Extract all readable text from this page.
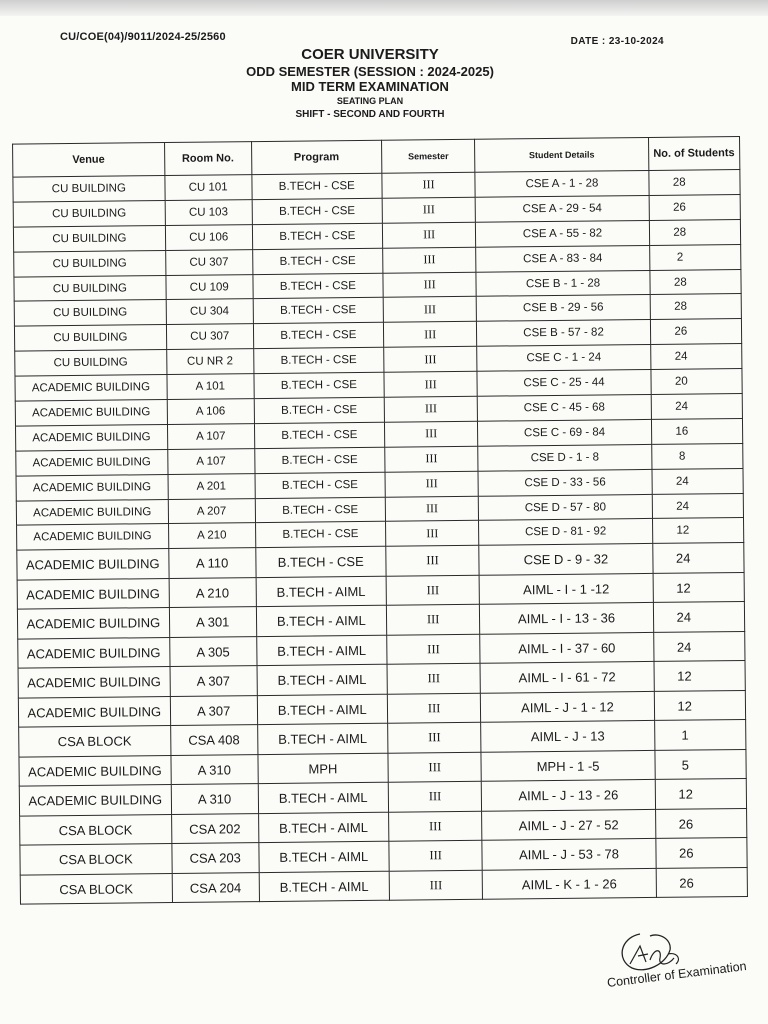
CU/COE(04)/9011/2024-25/2560	DATE : 23-10-2024
COER UNIVERSITY
ODD SEMESTER (SESSION : 2024-2025)
MID TERM EXAMINATION
SEATING PLAN
SHIFT - SECOND AND FOURTH
Venue	Room No.	Program	Semester	Student Details	No. of Students
CU BUILDING	CU 101	B.TECH - CSE	III	CSE A - 1 - 28	28
CU BUILDING	CU 103	B.TECH - CSE	III	CSE A - 29 - 54	26
CU BUILDING	CU 106	B.TECH - CSE	III	CSE A - 55 - 82	28
CU BUILDING	CU 307	B.TECH - CSE	III	CSE A - 83 - 84	2
CU BUILDING	CU 109	B.TECH - CSE	III	CSE B - 1 - 28	28
CU BUILDING	CU 304	B.TECH - CSE	III	CSE B - 29 - 56	28
CU BUILDING	CU 307	B.TECH - CSE	III	CSE B - 57 - 82	26
CU BUILDING	CU NR 2	B.TECH - CSE	III	CSE C - 1 - 24	24
ACADEMIC BUILDING	A 101	B.TECH - CSE	III	CSE C - 25 - 44	20
ACADEMIC BUILDING	A 106	B.TECH - CSE	III	CSE C - 45 - 68	24
ACADEMIC BUILDING	A 107	B.TECH - CSE	III	CSE C - 69 - 84	16
ACADEMIC BUILDING	A 107	B.TECH - CSE	III	CSE D - 1 - 8	8
ACADEMIC BUILDING	A 201	B.TECH - CSE	III	CSE D - 33 - 56	24
ACADEMIC BUILDING	A 207	B.TECH - CSE	III	CSE D - 57 - 80	24
ACADEMIC BUILDING	A 210	B.TECH - CSE	III	CSE D - 81 - 92	12
ACADEMIC BUILDING	A 110	B.TECH - CSE	III	CSE D - 9 - 32	24
ACADEMIC BUILDING	A 210	B.TECH - AIML	III	AIML - I - 1 -12	12
ACADEMIC BUILDING	A 301	B.TECH - AIML	III	AIML - I - 13 - 36	24
ACADEMIC BUILDING	A 305	B.TECH - AIML	III	AIML - I - 37 - 60	24
ACADEMIC BUILDING	A 307	B.TECH - AIML	III	AIML - I - 61 - 72	12
ACADEMIC BUILDING	A 307	B.TECH - AIML	III	AIML - J - 1 - 12	12
CSA BLOCK	CSA 408	B.TECH - AIML	III	AIML - J - 13	1
ACADEMIC BUILDING	A 310	MPH	III	MPH - 1 -5	5
ACADEMIC BUILDING	A 310	B.TECH - AIML	III	AIML - J - 13 - 26	12
CSA BLOCK	CSA 202	B.TECH - AIML	III	AIML - J - 27 - 52	26
CSA BLOCK	CSA 203	B.TECH - AIML	III	AIML - J - 53 - 78	26
CSA BLOCK	CSA 204	B.TECH - AIML	III	AIML - K - 1 - 26	26
Controller of Examination
